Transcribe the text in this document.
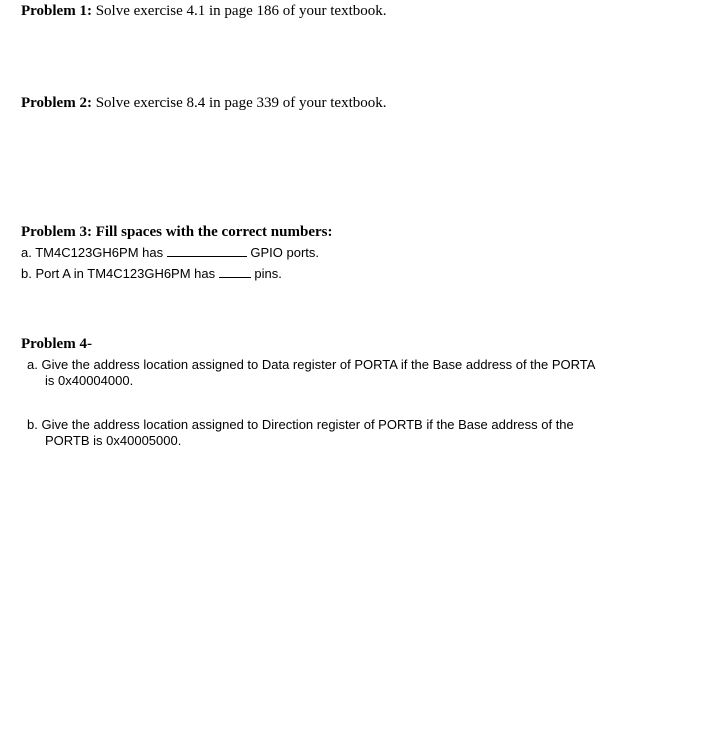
Problem 1: Solve exercise 4.1 in page 186 of your textbook.
Problem 2: Solve exercise 8.4 in page 339 of your textbook.
Problem 3: Fill spaces with the correct numbers:
a. TM4C123GH6PM has	GPIO ports.
b. Port A in TM4C123GH6PM has	pins.
Problem 4-
a. Give the address location assigned to Data register of PORTA if the Base address of the PORTA
is 0x40004000.
b. Give the address location assigned to Direction register of PORTB if the Base address of the
PORTB is 0x40005000.
